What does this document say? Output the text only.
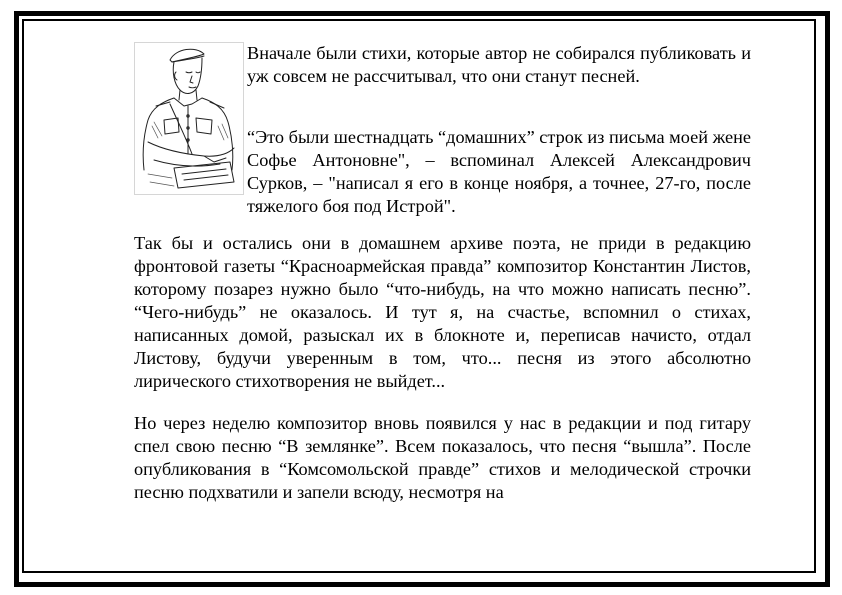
Вначале были стихи, которые автор не собирался публиковать и уж совсем не рассчитывал, что они станут песней.

“Это были шестнадцать “домашних” строк из письма моей жене Софье Антоновне", – вспоминал Алексей Александрович Сурков, – "написал я его в конце ноября, а точнее, 27-го, после тяжелого боя под Истрой".

Так бы и остались они в домашнем архиве поэта, не приди в редакцию фронтовой газеты “Красноармейская правда” композитор Константин Листов, которому позарез нужно было “что-нибудь, на что можно написать песню”. “Чего-нибудь” не оказалось. И тут я, на счастье, вспомнил о стихах, написанных домой, разыскал их в блокноте и, переписав начисто, отдал Листову, будучи уверенным в том, что... песня из этого абсолютно лирического стихотворения не выйдет...

Но через неделю композитор вновь появился у нас в редакции и под гитару спел свою песню “В землянке”. Всем показалось, что песня “вышла”. После опубликования в “Комсомольской правде” стихов и мелодической строчки песню подхватили и запели всюду, несмотря на
